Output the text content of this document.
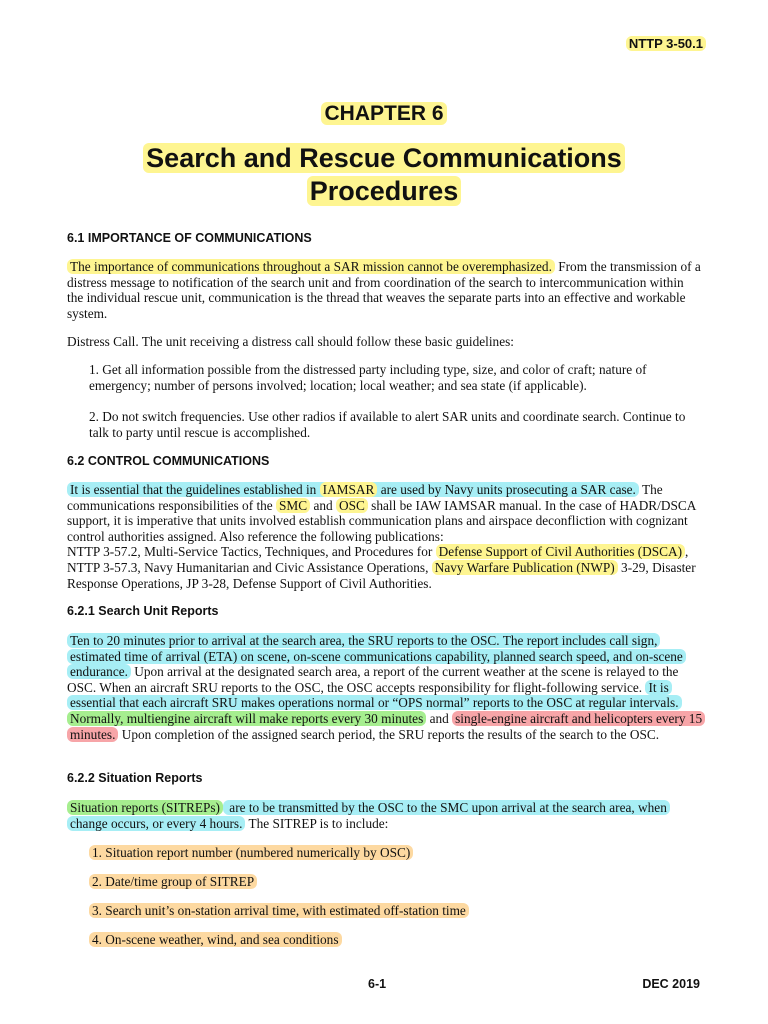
NTTP 3-50.1
CHAPTER 6
Search and Rescue Communications
Procedures
6.1 IMPORTANCE OF COMMUNICATIONS
The importance of communications throughout a SAR mission cannot be overemphasized. From the transmission of a distress message to notification of the search unit and from coordination of the search to intercommunication within the individual rescue unit, communication is the thread that weaves the separate parts into an effective and workable system.
Distress Call. The unit receiving a distress call should follow these basic guidelines:
1. Get all information possible from the distressed party including type, size, and color of craft; nature of emergency; number of persons involved; location; local weather; and sea state (if applicable).
2. Do not switch frequencies. Use other radios if available to alert SAR units and coordinate search. Continue to talk to party until rescue is accomplished.
6.2 CONTROL COMMUNICATIONS
It is essential that the guidelines established in IAMSAR are used by Navy units prosecuting a SAR case. The communications responsibilities of the SMC and OSC shall be IAW IAMSAR manual. In the case of HADR/DSCA support, it is imperative that units involved establish communication plans and airspace deconfliction with cognizant control authorities assigned. Also reference the following publications:
NTTP 3-57.2, Multi-Service Tactics, Techniques, and Procedures for Defense Support of Civil Authorities (DSCA) , NTTP 3-57.3, Navy Humanitarian and Civic Assistance Operations, Navy Warfare Publication (NWP) 3-29, Disaster Response Operations, JP 3-28, Defense Support of Civil Authorities.
6.2.1 Search Unit Reports
Ten to 20 minutes prior to arrival at the search area, the SRU reports to the OSC. The report includes call sign, estimated time of arrival (ETA) on scene, on-scene communications capability, planned search speed, and on-scene endurance. Upon arrival at the designated search area, a report of the current weather at the scene is relayed to the OSC. When an aircraft SRU reports to the OSC, the OSC accepts responsibility for flight-following service. It is essential that each aircraft SRU makes operations normal or “OPS normal” reports to the OSC at regular intervals. Normally, multiengine aircraft will make reports every 30 minutes and single-engine aircraft and helicopters every 15 minutes. Upon completion of the assigned search period, the SRU reports the results of the search to the OSC.
6.2.2 Situation Reports
Situation reports (SITREPs) are to be transmitted by the OSC to the SMC upon arrival at the search area, when change occurs, or every 4 hours. The SITREP is to include:
1. Situation report number (numbered numerically by OSC)
2. Date/time group of SITREP
3. Search unit’s on-station arrival time, with estimated off-station time
4. On-scene weather, wind, and sea conditions
6-1	DEC 2019
